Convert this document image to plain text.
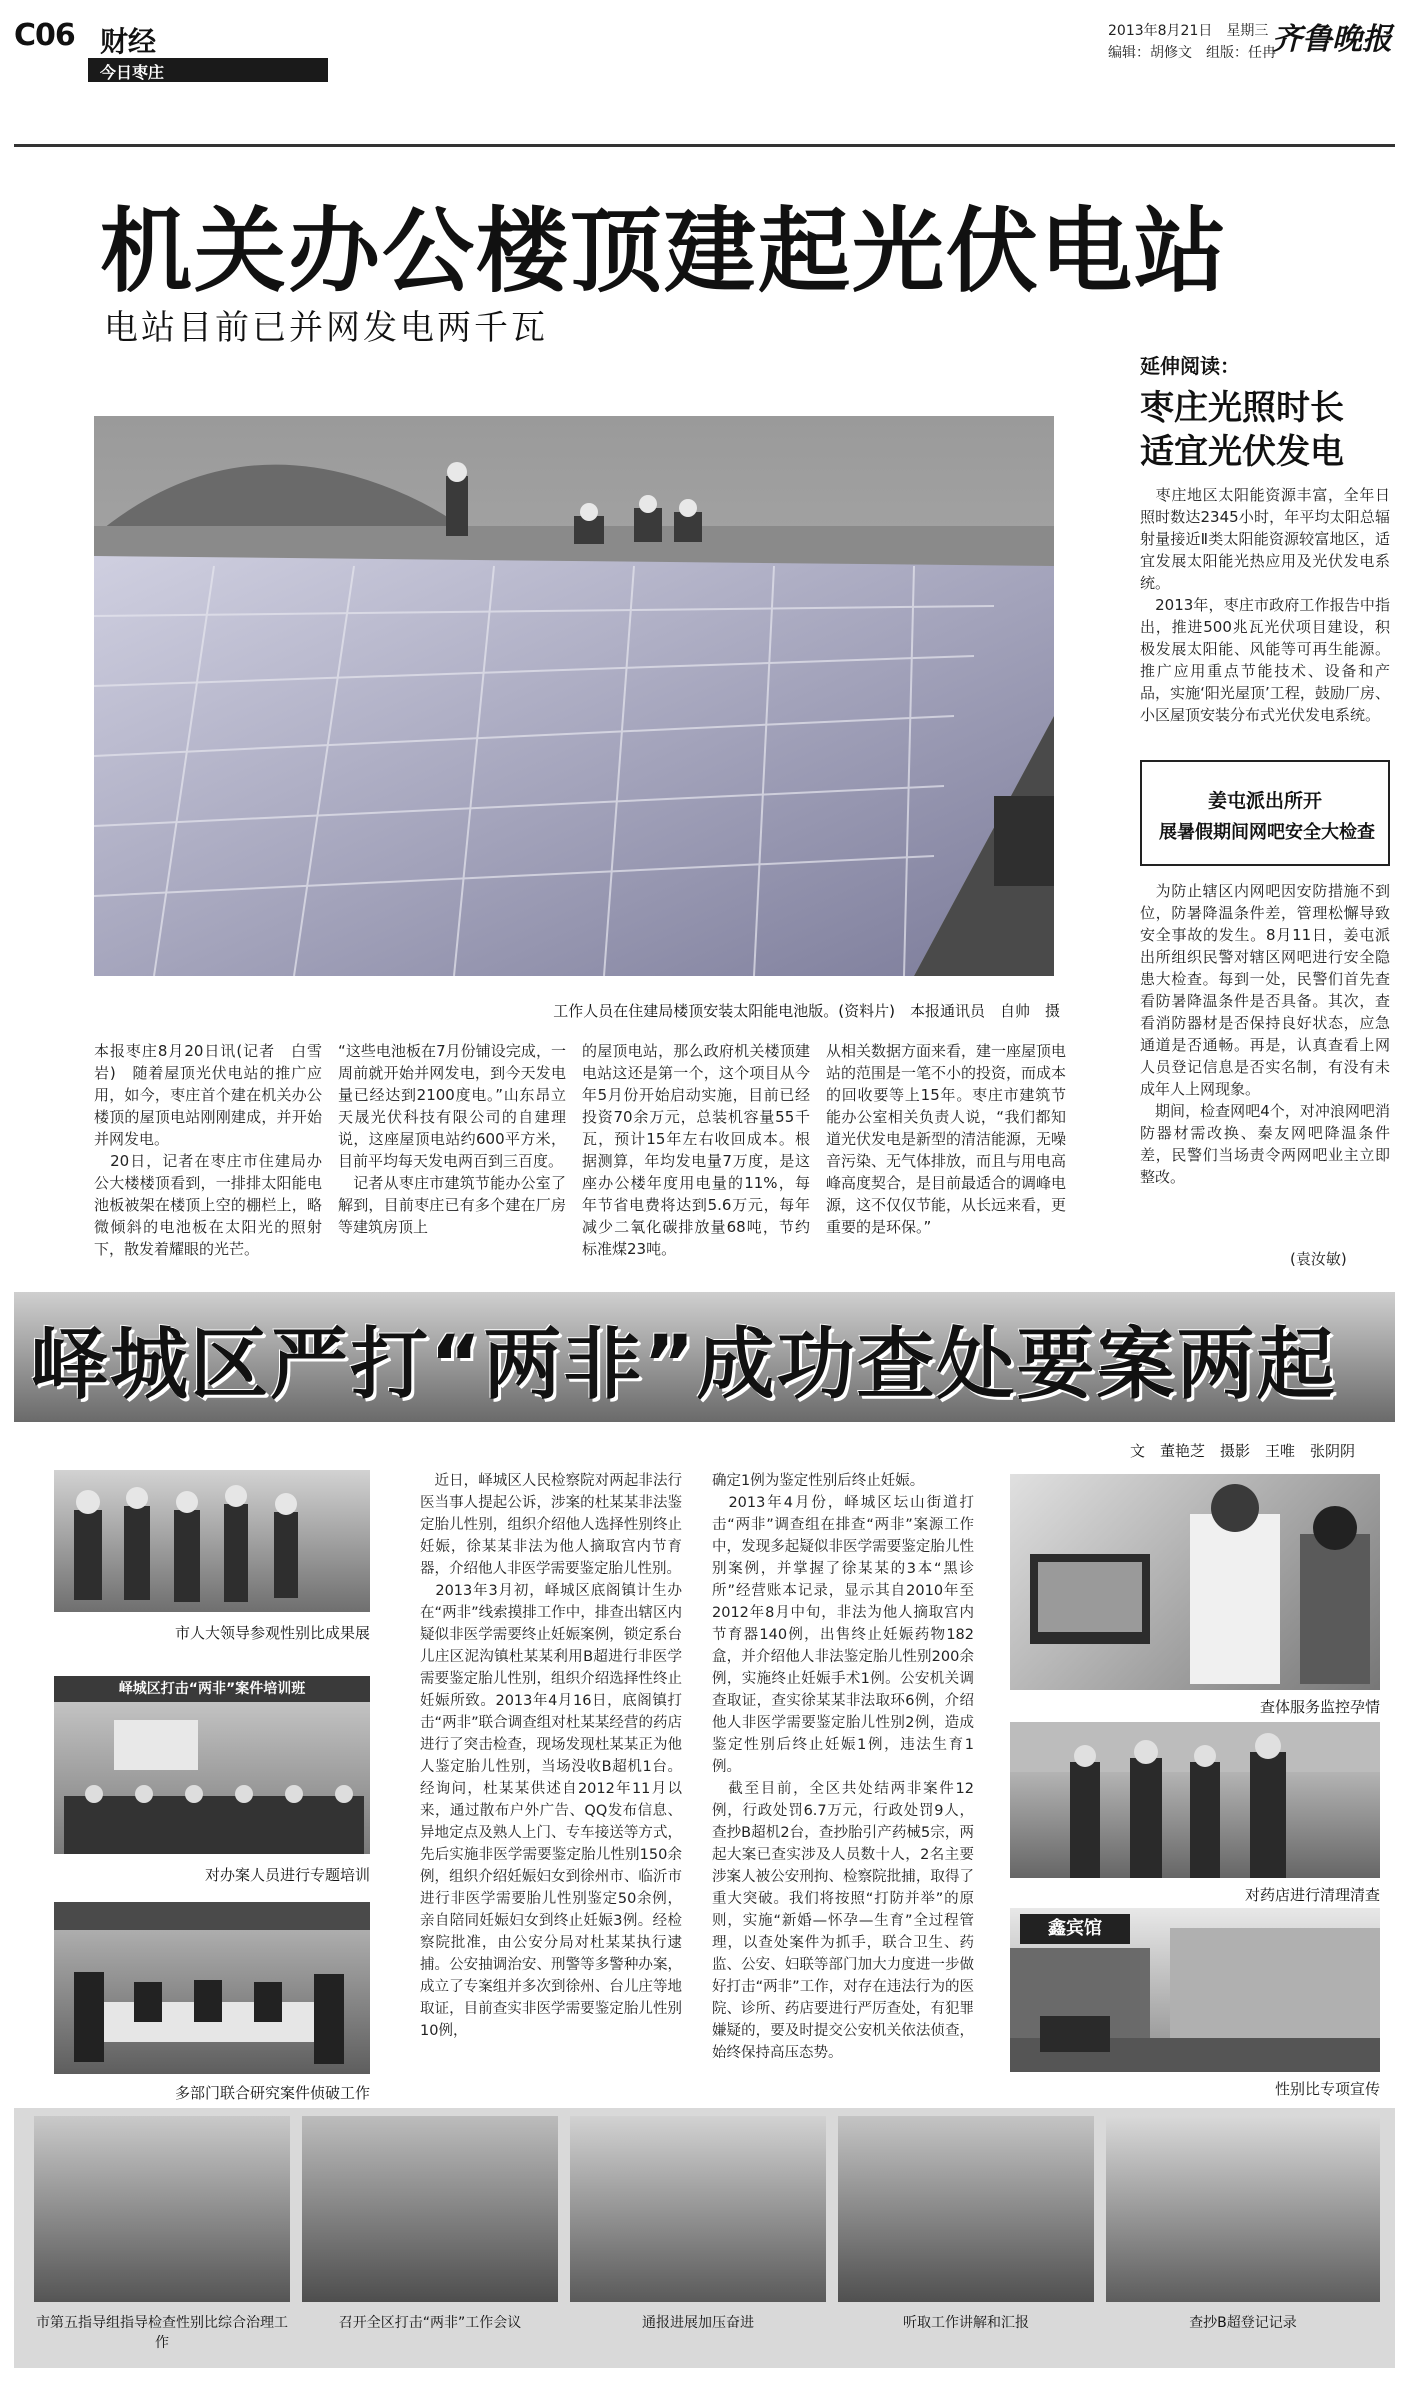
C06 财经
今日枣庄
2013年8月21日　星期三
编辑：胡修文　组版：任冉
齐鲁晚报
机关办公楼顶建起光伏电站
电站目前已并网发电两千瓦
工作人员在住建局楼顶安装太阳能电池版。(资料片)　本报通讯员　自帅　摄
本报枣庄8月20日讯(记者　白雪岩)　随着屋顶光伏电站的推广应用，如今，枣庄首个建在机关办公楼顶的屋顶电站刚刚建成，并开始并网发电。
　20日，记者在枣庄市住建局办公大楼楼顶看到，一排排太阳能电池板被架在楼顶上空的棚栏上，略微倾斜的电池板在太阳光的照射下，散发着耀眼的光芒。
“这些电池板在7月份铺设完成，一周前就开始并网发电，到今天发电量已经达到2100度电。”山东昂立天晟光伏科技有限公司的自建理说，这座屋顶电站约600平方米，目前平均每天发电两百到三百度。
　记者从枣庄市建筑节能办公室了解到，目前枣庄已有多个建在厂房等建筑房顶上
的屋顶电站，那么政府机关楼顶建电站这还是第一个，这个项目从今年5月份开始启动实施，目前已经投资70余万元，总装机容量55千瓦，预计15年左右收回成本。根据测算，年均发电量7万度，是这座办公楼年度用电量的11%，每年节省电费将达到5.6万元，每年减少二氧化碳排放量68吨，节约标准煤23吨。
从相关数据方面来看，建一座屋顶电站的范围是一笔不小的投资，而成本的回收要等上15年。枣庄市建筑节能办公室相关负责人说，“我们都知道光伏发电是新型的清洁能源，无噪音污染、无气体排放，而且与用电高峰高度契合，是目前最适合的调峰电源，这不仅仅节能，从长远来看，更重要的是环保。”
延伸阅读：
枣庄光照时长
适宜光伏发电
　枣庄地区太阳能资源丰富，全年日照时数达2345小时，年平均太阳总辐射量接近Ⅱ类太阳能资源较富地区，适宜发展太阳能光热应用及光伏发电系统。
　2013年，枣庄市政府工作报告中指出，推进500兆瓦光伏项目建设，积极发展太阳能、风能等可再生能源。推广应用重点节能技术、设备和产品，实施‘阳光屋顶’工程，鼓励厂房、小区屋顶安装分布式光伏发电系统。
姜屯派出所开
展暑假期间网吧安全大检查
　为防止辖区内网吧因安防措施不到位，防暑降温条件差，管理松懈导致安全事故的发生。8月11日，姜屯派出所组织民警对辖区网吧进行安全隐患大检查。每到一处，民警们首先查看防暑降温条件是否具备。其次，查看消防器材是否保持良好状态，应急通道是否通畅。再是，认真查看上网人员登记信息是否实名制，有没有未成年人上网现象。
　期间，检查网吧4个，对冲浪网吧消防器材需改换、秦友网吧降温条件差，民警们当场责令两网吧业主立即整改。
(袁汝敏)
峄城区严打“两非”成功查处要案两起
文　董艳芝　摄影　王唯　张阴阴
市人大领导参观性别比成果展
峄城区打击“两非”案件培训班
对办案人员进行专题培训
多部门联合研究案件侦破工作
　近日，峄城区人民检察院对两起非法行医当事人提起公诉，涉案的杜某某非法鉴定胎儿性别，组织介绍他人选择性别终止妊娠，徐某某非法为他人摘取宫内节育器，介绍他人非医学需要鉴定胎儿性别。
　2013年3月初，峄城区底阁镇计生办在“两非”线索摸排工作中，排查出辖区内疑似非医学需要终止妊娠案例，锁定系台儿庄区泥沟镇杜某某利用B超进行非医学需要鉴定胎儿性别，组织介绍选择性终止妊娠所致。2013年4月16日，底阁镇打击“两非”联合调查组对杜某某经营的药店进行了突击检查，现场发现杜某某正为他人鉴定胎儿性别，当场没收B超机1台。经询问，杜某某供述自2012年11月以来，通过散布户外广告、QQ发布信息、异地定点及熟人上门、专车接送等方式，先后实施非医学需要鉴定胎儿性别150余例，组织介绍妊娠妇女到徐州市、临沂市进行非医学需要胎儿性别鉴定50余例，亲自陪同妊娠妇女到终止妊娠3例。经检察院批准，由公安分局对杜某某执行逮捕。公安抽调治安、刑警等多警种办案，成立了专案组并多次到徐州、台儿庄等地取证，目前查实非医学需要鉴定胎儿性别10例，
确定1例为鉴定性别后终止妊娠。
　2013年4月份，峄城区坛山街道打击“两非”调查组在排查“两非”案源工作中，发现多起疑似非医学需要鉴定胎儿性别案例，并掌握了徐某某的3本“黑诊所”经营账本记录，显示其自2010年至2012年8月中旬，非法为他人摘取宫内节育器140例，出售终止妊娠药物182盒，并介绍他人非法鉴定胎儿性别200余例，实施终止妊娠手术1例。公安机关调查取证，查实徐某某非法取环6例，介绍他人非医学需要鉴定胎儿性别2例，造成鉴定性别后终止妊娠1例，违法生育1例。
　截至目前，全区共处结两非案件12例，行政处罚6.7万元，行政处罚9人，查抄B超机2台，查抄胎引产药械5宗，两起大案已查实涉及人员数十人，2名主要涉案人被公安刑拘、检察院批捕，取得了重大突破。我们将按照“打防并举”的原则，实施“新婚—怀孕—生育”全过程管理，以查处案件为抓手，联合卫生、药监、公安、妇联等部门加大力度进一步做好打击“两非”工作，对存在违法行为的医院、诊所、药店要进行严厉查处，有犯罪嫌疑的，要及时提交公安机关依法侦查，始终保持高压态势。
查体服务监控孕情
对药店进行清理清查
鑫宾馆
性别比专项宣传
市第五指导组指导检查性别比综合治理工作
召开全区打击“两非”工作会议	通报进展加压奋进	听取工作讲解和汇报	查抄B超登记记录
